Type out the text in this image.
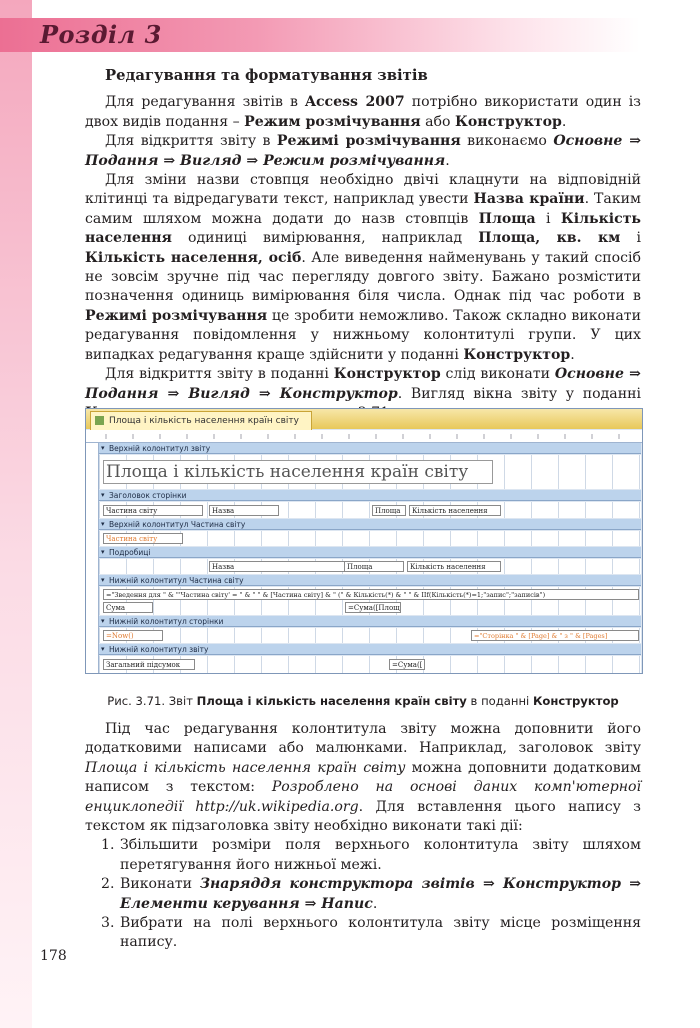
Розділ 3
Редагування та форматування звітів

Для редагування звітів в Access 2007 потрібно використати один із двох видів подання – Режим розмічування або Конструктор.

Для відкриття звіту в Режимі розмічування виконаємо Основне ⇒ Подання ⇒ Вигляд ⇒ Режим розмічування.

Для зміни назви стовпця необхідно двічі клацнути на відповідній клітинці та відредагувати текст, наприклад увести Назва країни. Таким самим шляхом можна додати до назв стовпців Площа і Кількість населення одиниці вимірювання, наприклад Площа, кв. км і Кількість населення, осіб. Але виведення найменувань у такий спосіб не зовсім зручне під час перегляду довгого звіту. Бажано розмістити позначення одиниць вимірювання біля числа. Однак під час роботи в Режимі розмічування це зробити неможливо. Також складно виконати редагування повідомлення у нижньому колонтитулі групи. У цих випадках редагування краще здійснити у поданні Конструктор.

Для відкриття звіту в поданні Конструктор слід виконати Основне ⇒ Подання ⇒ Вигляд ⇒ Конструктор. Вигляд вікна звіту у поданні

Площа і кількість населення країн світу
▾ Верхній колонтитул звіту
Площа і кількість населення країн світу
▾ Заголовок сторінки
Частина світу	Назва	Площа	Кількість населення
▾ Верхній колонтитул Частина світу
Частина світу
▾ Подробиці
Назва	Площа	Кількість населення
▾ Нижній колонтитул Частина світу
="Зведення для " & "'Частина світу' = " & " " & [Частина світу] & " (" & Кількість(*) & " " & IIf(Кількість(*)=1;"запис";"записів")
Сума	=Сума([Площ
▾ Нижній колонтитул сторінки
=Now()	="Сторінка " & [Page] & " з " & [Pages]
▾ Нижній колонтитул звіту
Загальний підсумок	=Сума([
Рис. 3.71. Звіт Площа і кількість населення країн світу в поданні Конструктор

Під час редагування колонтитула звіту можна доповнити його додатковими написами або малюнками. Наприклад, заголовок звіту Площа і кількість населення країн світу можна доповнити додатковим написом з текстом: Розроблено на основі даних комп'ютерної енциклопедії http://uk.wikipedia.org. Для вставлення цього напису з текстом як підзаголовка звіту необхідно виконати такі дії:

1. Збільшити розміри поля верхнього колонтитула звіту шляхом перетягування його нижньої межі.
2. Виконати Знаряддя конструктора звітів ⇒ Конструктор ⇒ Елементи керування ⇒ Напис.
3. Вибрати на полі верхнього колонтитула звіту місце розміщення напису.
178
